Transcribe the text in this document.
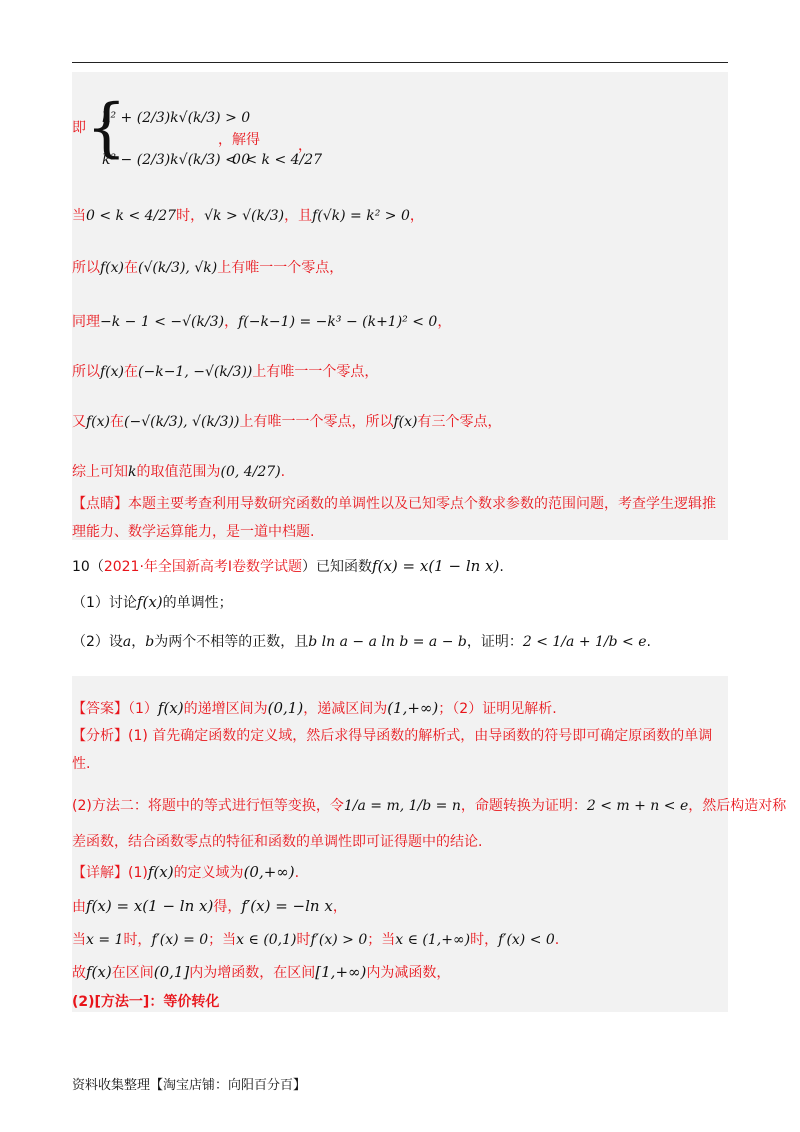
即 {
k² + (2/3)k√(k/3) > 0
k² − (2/3)k√(k/3) < 0
，解得
0 < k < 4/27
，
当0 < k < 4/27时，√k > √(k/3)，且f(√k) = k² > 0，
所以f(x)在(√(k/3), √k)上有唯一一个零点，
同理−k − 1 < −√(k/3)，f(−k−1) = −k³ − (k+1)² < 0，
所以f(x)在(−k−1, −√(k/3))上有唯一一个零点，
又f(x)在(−√(k/3), √(k/3))上有唯一一个零点，所以f(x)有三个零点，
综上可知k的取值范围为(0, 4/27).
【点睛】本题主要考查利用导数研究函数的单调性以及已知零点个数求参数的范围问题，考查学生逻辑推理能力、数学运算能力，是一道中档题.
10（2021·年全国新高考Ⅰ卷数学试题）已知函数f(x) = x(1 − ln x).
（1）讨论f(x)的单调性；
（2）设a，b为两个不相等的正数，且b ln a − a ln b = a − b，证明：2 < 1/a + 1/b < e.
【答案】（1）f(x)的递增区间为(0,1)，递减区间为(1,+∞)；（2）证明见解析.
【分析】(1) 首先确定函数的定义域，然后求得导函数的解析式，由导函数的符号即可确定原函数的单调性.
(2)方法二：将题中的等式进行恒等变换，令1/a = m, 1/b = n，命题转换为证明：2 < m + n < e，然后构造对称
差函数，结合函数零点的特征和函数的单调性即可证得题中的结论.
【详解】(1)f(x)的定义域为(0,+∞).
由f(x) = x(1 − ln x)得，f′(x) = −ln x，
当x = 1时，f′(x) = 0；当x ∈ (0,1)时f′(x) > 0；当x ∈ (1,+∞)时，f′(x) < 0.
故f(x)在区间(0,1]内为增函数，在区间[1,+∞)内为减函数，
(2)[方法一]：等价转化
资料收集整理【淘宝店铺：向阳百分百】
